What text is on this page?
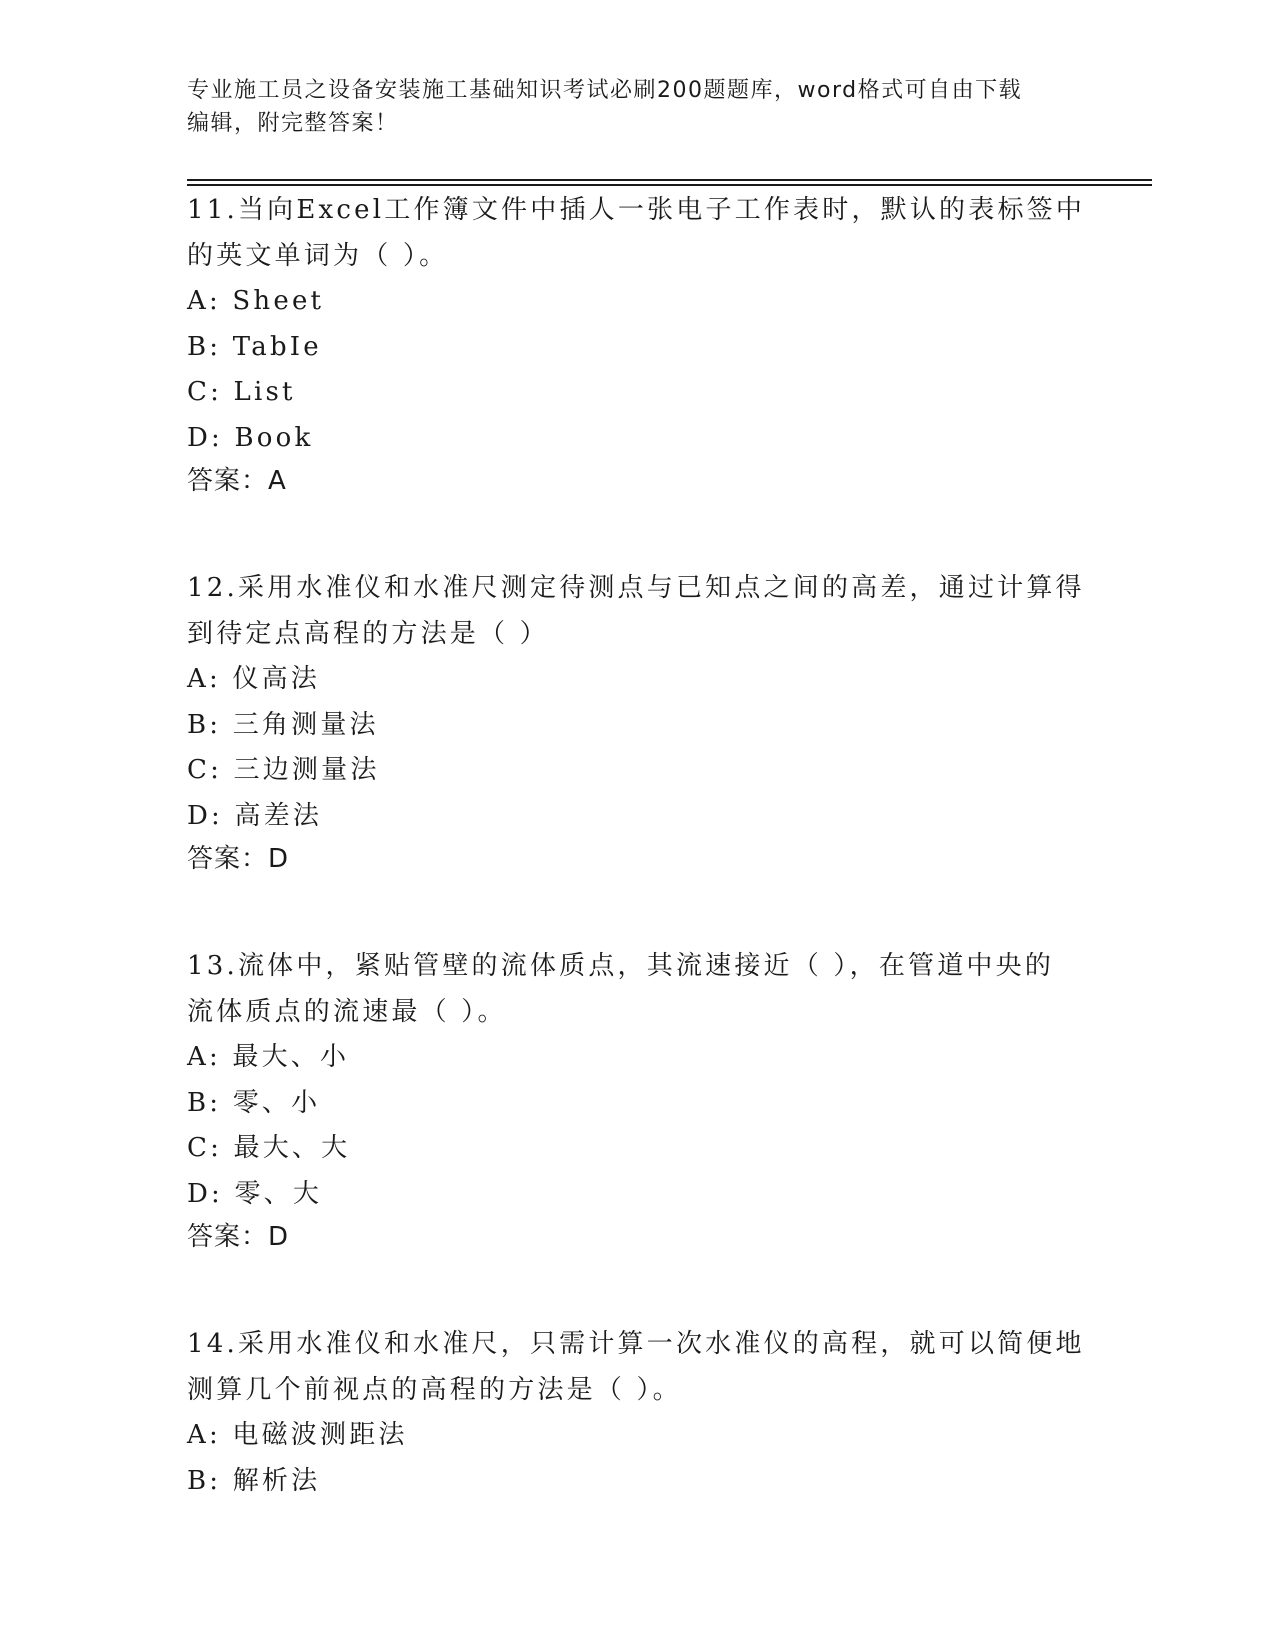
专业施工员之设备安装施工基础知识考试必刷200题题库，word格式可自由下载
编辑，附完整答案！
11.当向Excel工作簿文件中插人一张电子工作表时，默认的表标签中
的英文单词为（ ）。
A: Sheet
B: TabIe
C: List
D: Book
答案：A
12.采用水准仪和水准尺测定待测点与已知点之间的高差，通过计算得
到待定点高程的方法是（ ）
A: 仪高法
B: 三角测量法
C: 三边测量法
D: 高差法
答案：D
13.流体中，紧贴管壁的流体质点，其流速接近（ ），在管道中央的
流体质点的流速最（ ）。
A: 最大、小
B: 零、小
C: 最大、大
D: 零、大
答案：D
14.采用水准仪和水准尺，只需计算一次水准仪的高程，就可以简便地
测算几个前视点的高程的方法是（ ）。
A: 电磁波测距法
B: 解析法
